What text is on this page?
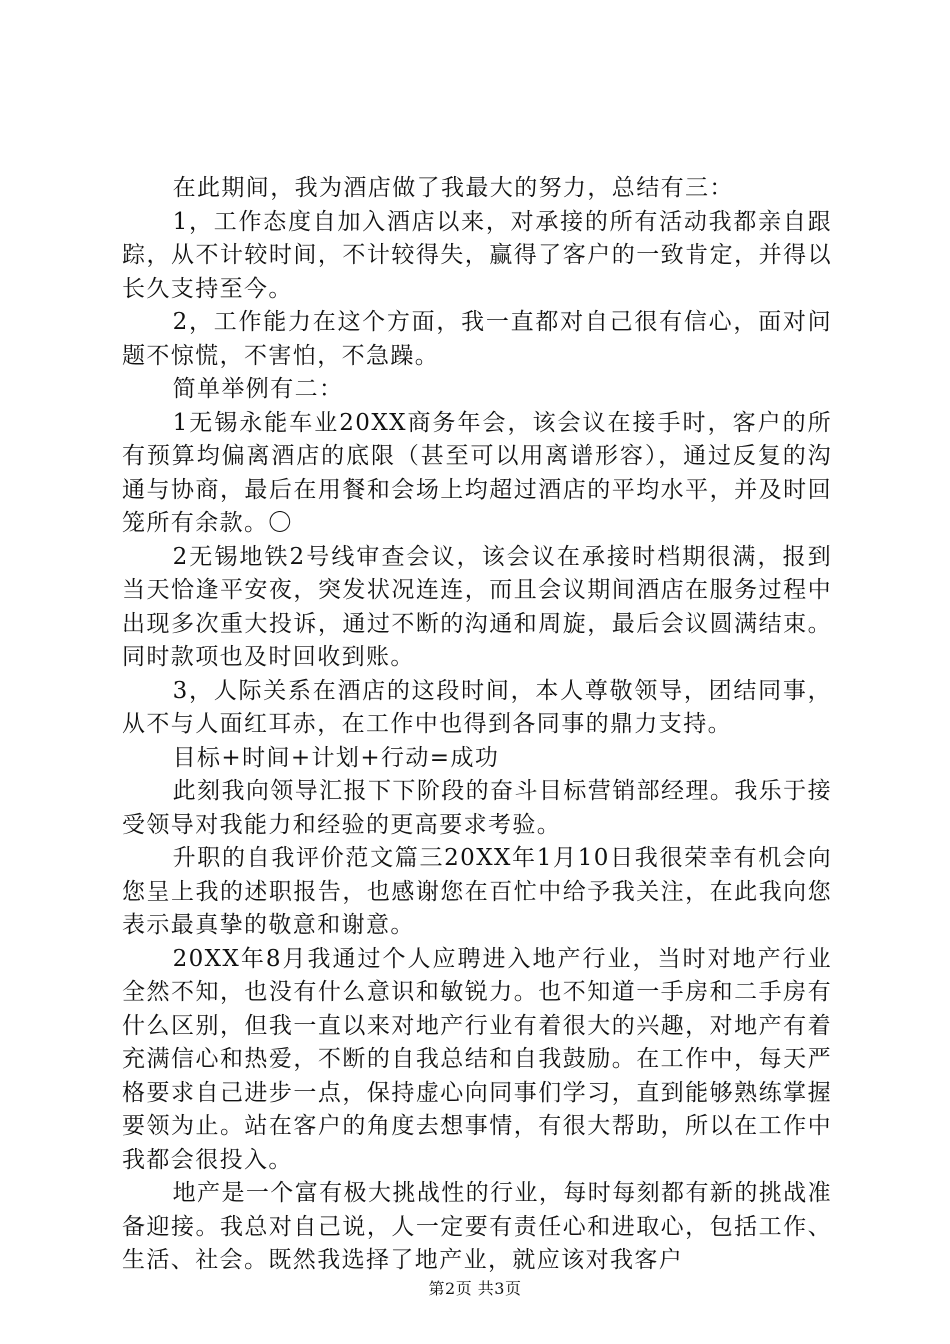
在此期间，我为酒店做了我最大的努力，总结有三：

1，工作态度自加入酒店以来，对承接的所有活动我都亲自跟踪，从不计较时间，不计较得失，赢得了客户的一致肯定，并得以长久支持至今。

2，工作能力在这个方面，我一直都对自己很有信心，面对问题不惊慌，不害怕，不急躁。

简单举例有二：

1无锡永能车业20XX商务年会，该会议在接手时，客户的所有预算均偏离酒店的底限（甚至可以用离谱形容），通过反复的沟通与协商，最后在用餐和会场上均超过酒店的平均水平，并及时回笼所有余款。〇

2无锡地铁2号线审查会议，该会议在承接时档期很满，报到当天恰逢平安夜，突发状况连连，而且会议期间酒店在服务过程中出现多次重大投诉，通过不断的沟通和周旋，最后会议圆满结束。同时款项也及时回收到账。

3，人际关系在酒店的这段时间，本人尊敬领导，团结同事，从不与人面红耳赤，在工作中也得到各同事的鼎力支持。

目标+时间+计划+行动=成功

此刻我向领导汇报下下阶段的奋斗目标营销部经理。我乐于接受领导对我能力和经验的更高要求考验。

升职的自我评价范文篇三20XX年1月10日我很荣幸有机会向您呈上我的述职报告，也感谢您在百忙中给予我关注，在此我向您表示最真挚的敬意和谢意。

20XX年8月我通过个人应聘进入地产行业，当时对地产行业全然不知，也没有什么意识和敏锐力。也不知道一手房和二手房有什么区别，但我一直以来对地产行业有着很大的兴趣，对地产有着充满信心和热爱，不断的自我总结和自我鼓励。在工作中，每天严格要求自己进步一点，保持虚心向同事们学习，直到能够熟练掌握要领为止。站在客户的角度去想事情，有很大帮助，所以在工作中我都会很投入。

地产是一个富有极大挑战性的行业，每时每刻都有新的挑战准备迎接。我总对自己说，人一定要有责任心和进取心，包括工作、生活、社会。既然我选择了地产业，就应该对我客户

第2页 共3页
